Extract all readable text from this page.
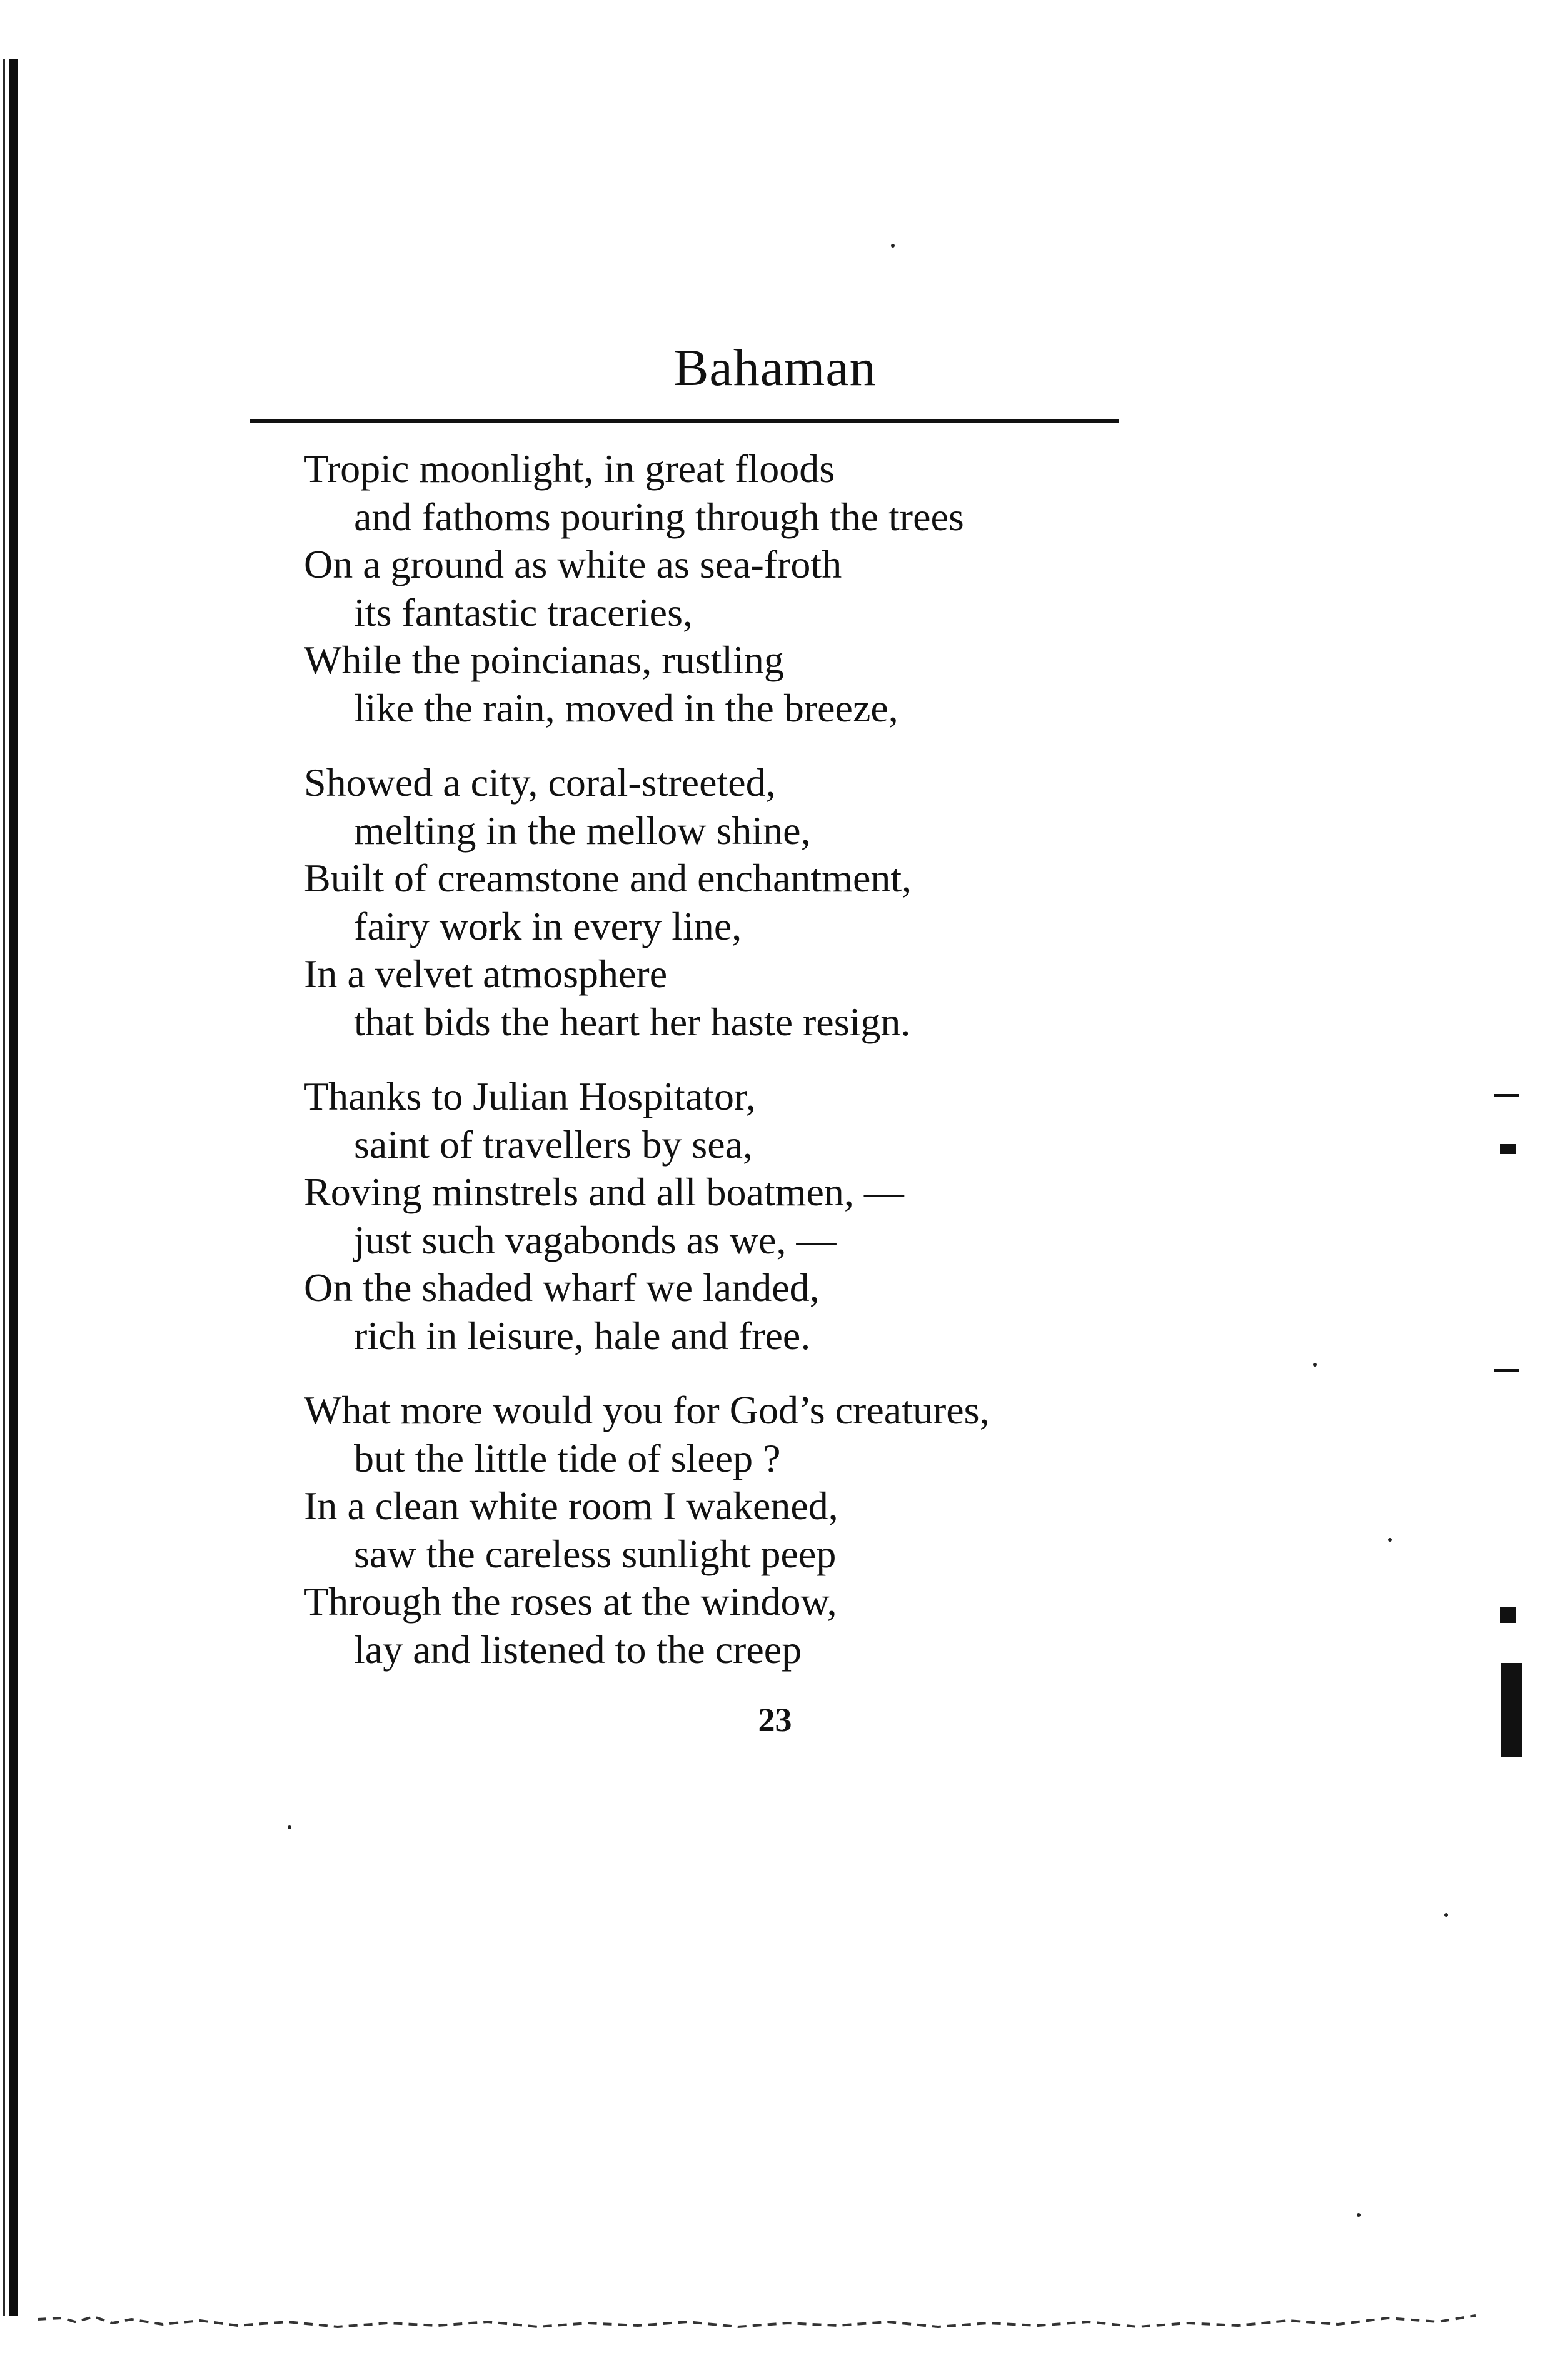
Bahaman
Tropic moonlight, in great floods
and fathoms pouring through the trees
On a ground as white as sea-froth
its fantastic traceries,
While the poincianas, rustling
like the rain, moved in the breeze,
Showed a city, coral-streeted,
melting in the mellow shine,
Built of creamstone and enchantment,
fairy work in every line,
In a velvet atmosphere
that bids the heart her haste resign.
Thanks to Julian Hospitator,
saint of travellers by sea,
Roving minstrels and all boatmen, —
just such vagabonds as we, —
On the shaded wharf we landed,
rich in leisure, hale and free.
What more would you for God’s creatures,
but the little tide of sleep ?
In a clean white room I wakened,
saw the careless sunlight peep
Through the roses at the window,
lay and listened to the creep
23
